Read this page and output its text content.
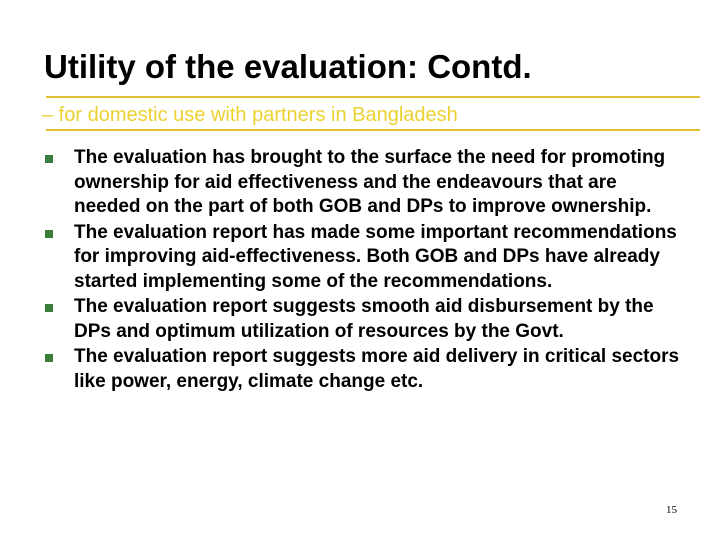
Utility of the evaluation: Contd.
– for domestic use with partners in Bangladesh
The evaluation has brought to the surface the need for promoting ownership for aid effectiveness and the endeavours that are needed on the part of both GOB and DPs to improve ownership.
The evaluation report has made some important recommendations for improving aid-effectiveness. Both GOB and DPs have already started implementing some of the recommendations.
The evaluation report suggests smooth aid disbursement by the DPs and optimum utilization of resources by the Govt.
The evaluation report suggests more aid delivery in critical sectors like power, energy, climate change etc.
15
